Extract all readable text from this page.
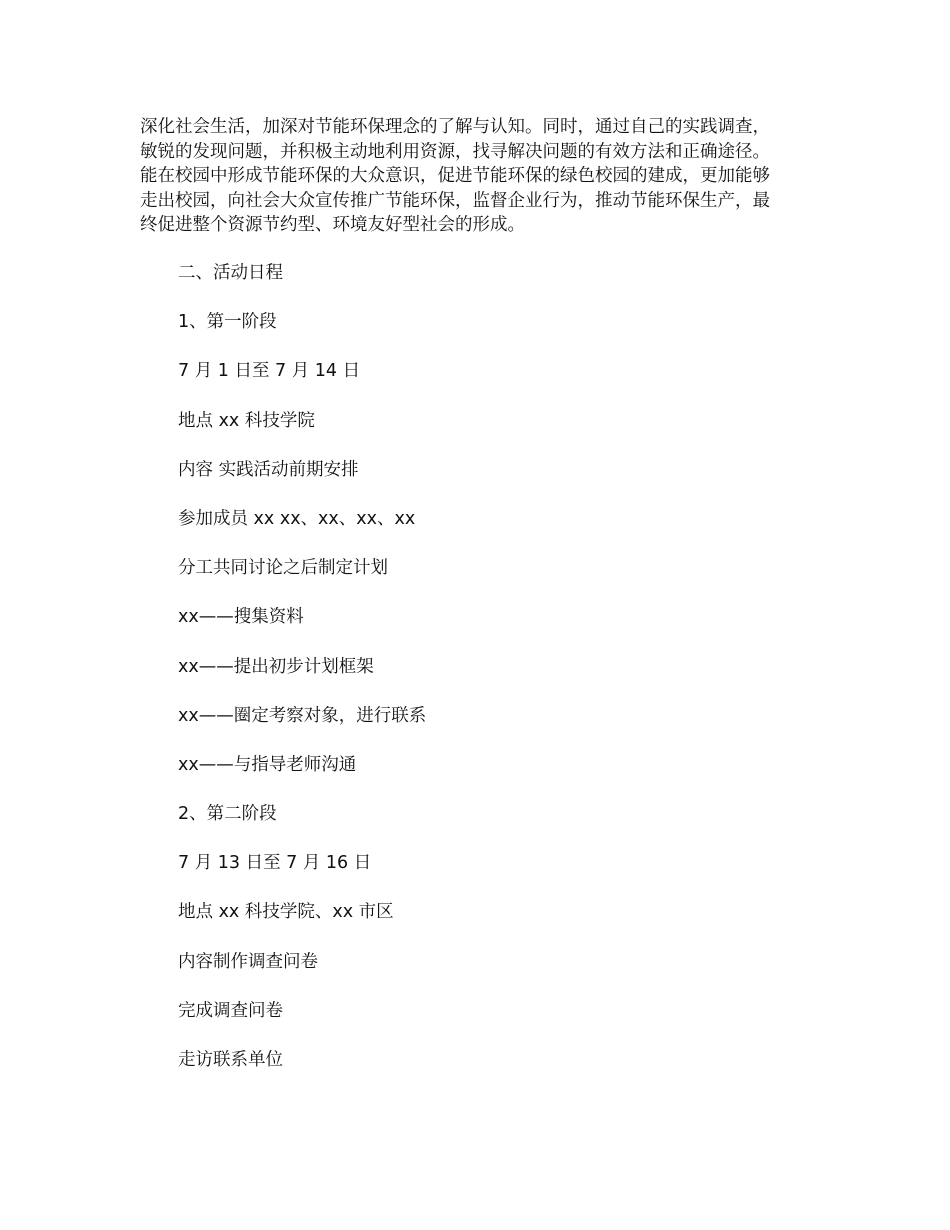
深化社会生活，加深对节能环保理念的了解与认知。同时，通过自己的实践调查，
敏锐的发现问题，并积极主动地利用资源，找寻解决问题的有效方法和正确途径。
能在校园中形成节能环保的大众意识，促进节能环保的绿色校园的建成，更加能够
走出校园，向社会大众宣传推广节能环保，监督企业行为，推动节能环保生产，最
终促进整个资源节约型、环境友好型社会的形成。
二、活动日程
1、第一阶段
7 月 1 日至 7 月 14 日
地点 xx 科技学院
内容 实践活动前期安排
参加成员 xx xx、xx、xx、xx
分工共同讨论之后制定计划
xx——搜集资料
xx——提出初步计划框架
xx——圈定考察对象，进行联系
xx——与指导老师沟通
2、第二阶段
7 月 13 日至 7 月 16 日
地点 xx 科技学院、xx 市区
内容制作调查问卷
完成调查问卷
走访联系单位
